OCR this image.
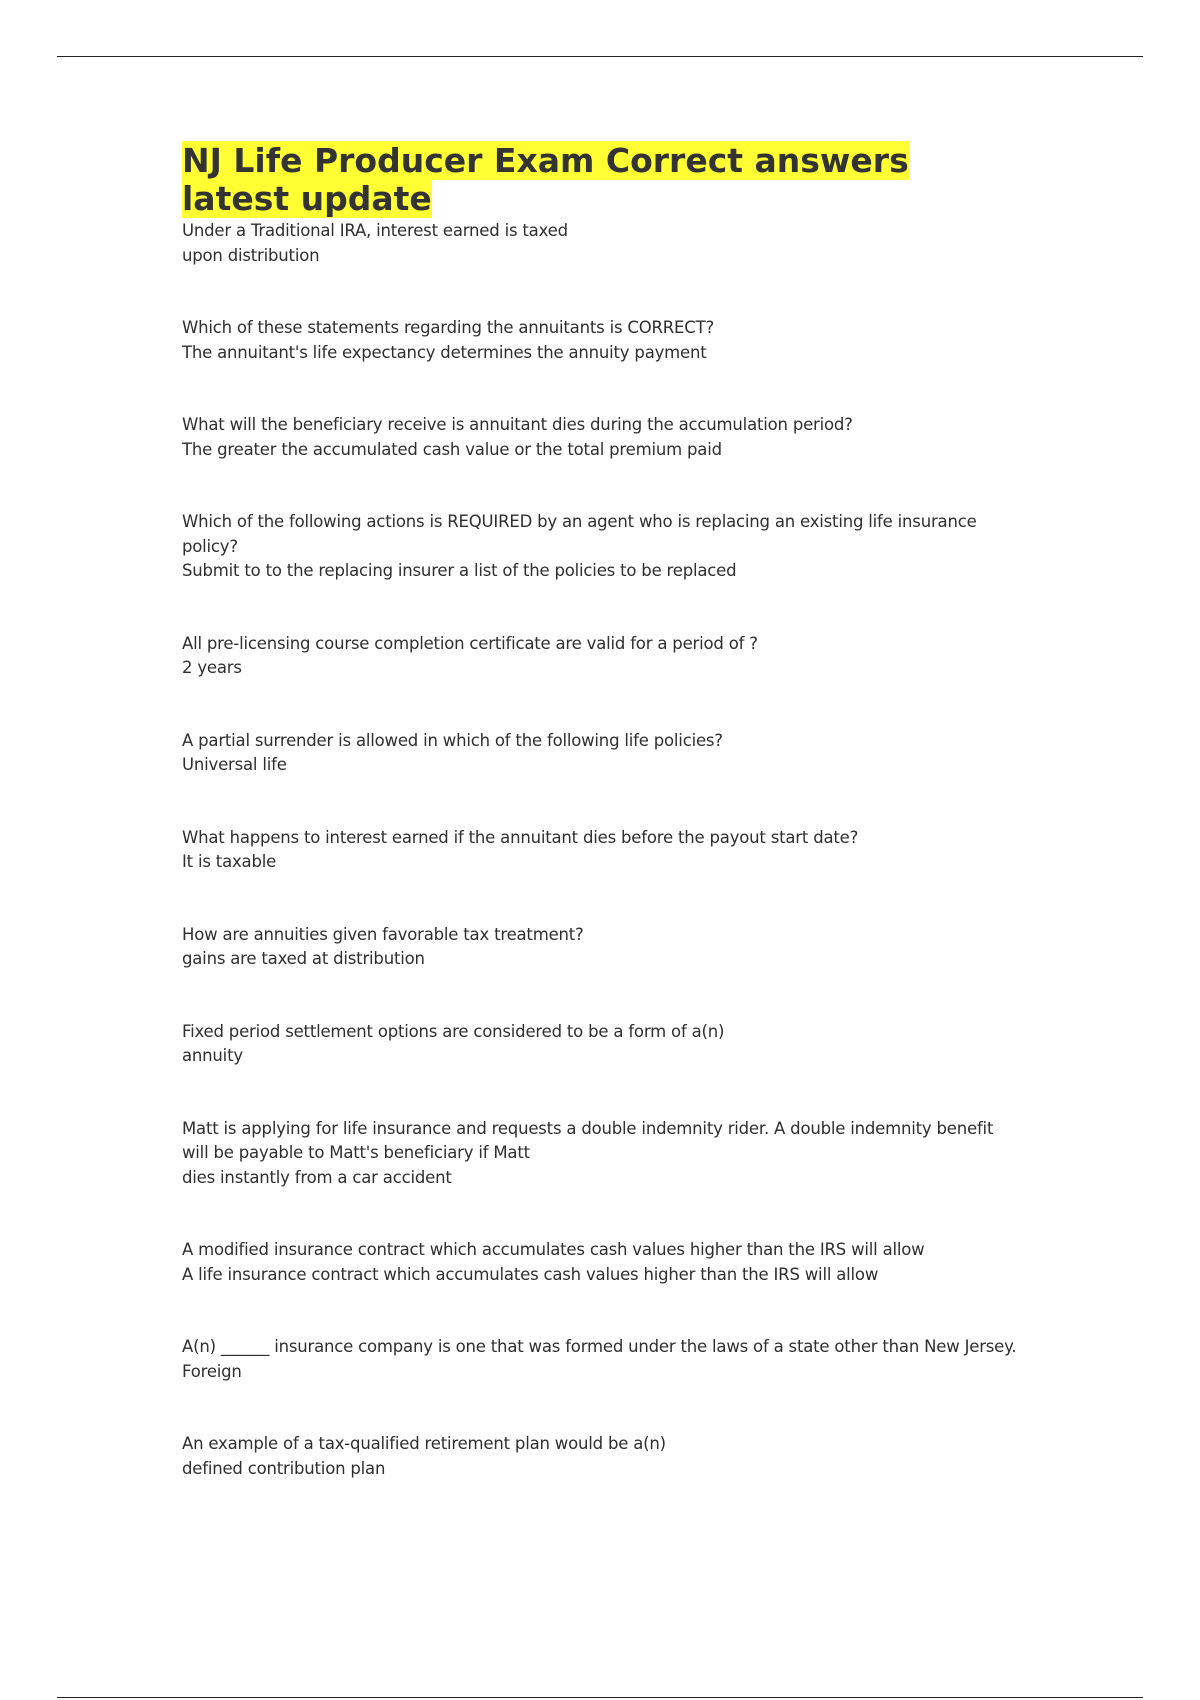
NJ Life Producer Exam Correct answers latest update

Under a Traditional IRA, interest earned is taxed

upon distribution

Which of these statements regarding the annuitants is CORRECT?

The annuitant's life expectancy determines the annuity payment

What will the beneficiary receive is annuitant dies during the accumulation period?

The greater the accumulated cash value or the total premium paid

Which of the following actions is REQUIRED by an agent who is replacing an existing life insurance policy?

Submit to to the replacing insurer a list of the policies to be replaced

All pre-licensing course completion certificate are valid for a period of ?

2 years

A partial surrender is allowed in which of the following life policies?

Universal life

What happens to interest earned if the annuitant dies before the payout start date?

It is taxable

How are annuities given favorable tax treatment?

gains are taxed at distribution

Fixed period settlement options are considered to be a form of a(n)

annuity

Matt is applying for life insurance and requests a double indemnity rider. A double indemnity benefit will be payable to Matt's beneficiary if Matt

dies instantly from a car accident

A modified insurance contract which accumulates cash values higher than the IRS will allow

A life insurance contract which accumulates cash values higher than the IRS will allow

A(n) ______ insurance company is one that was formed under the laws of a state other than New Jersey.

Foreign

An example of a tax-qualified retirement plan would be a(n)

defined contribution plan
